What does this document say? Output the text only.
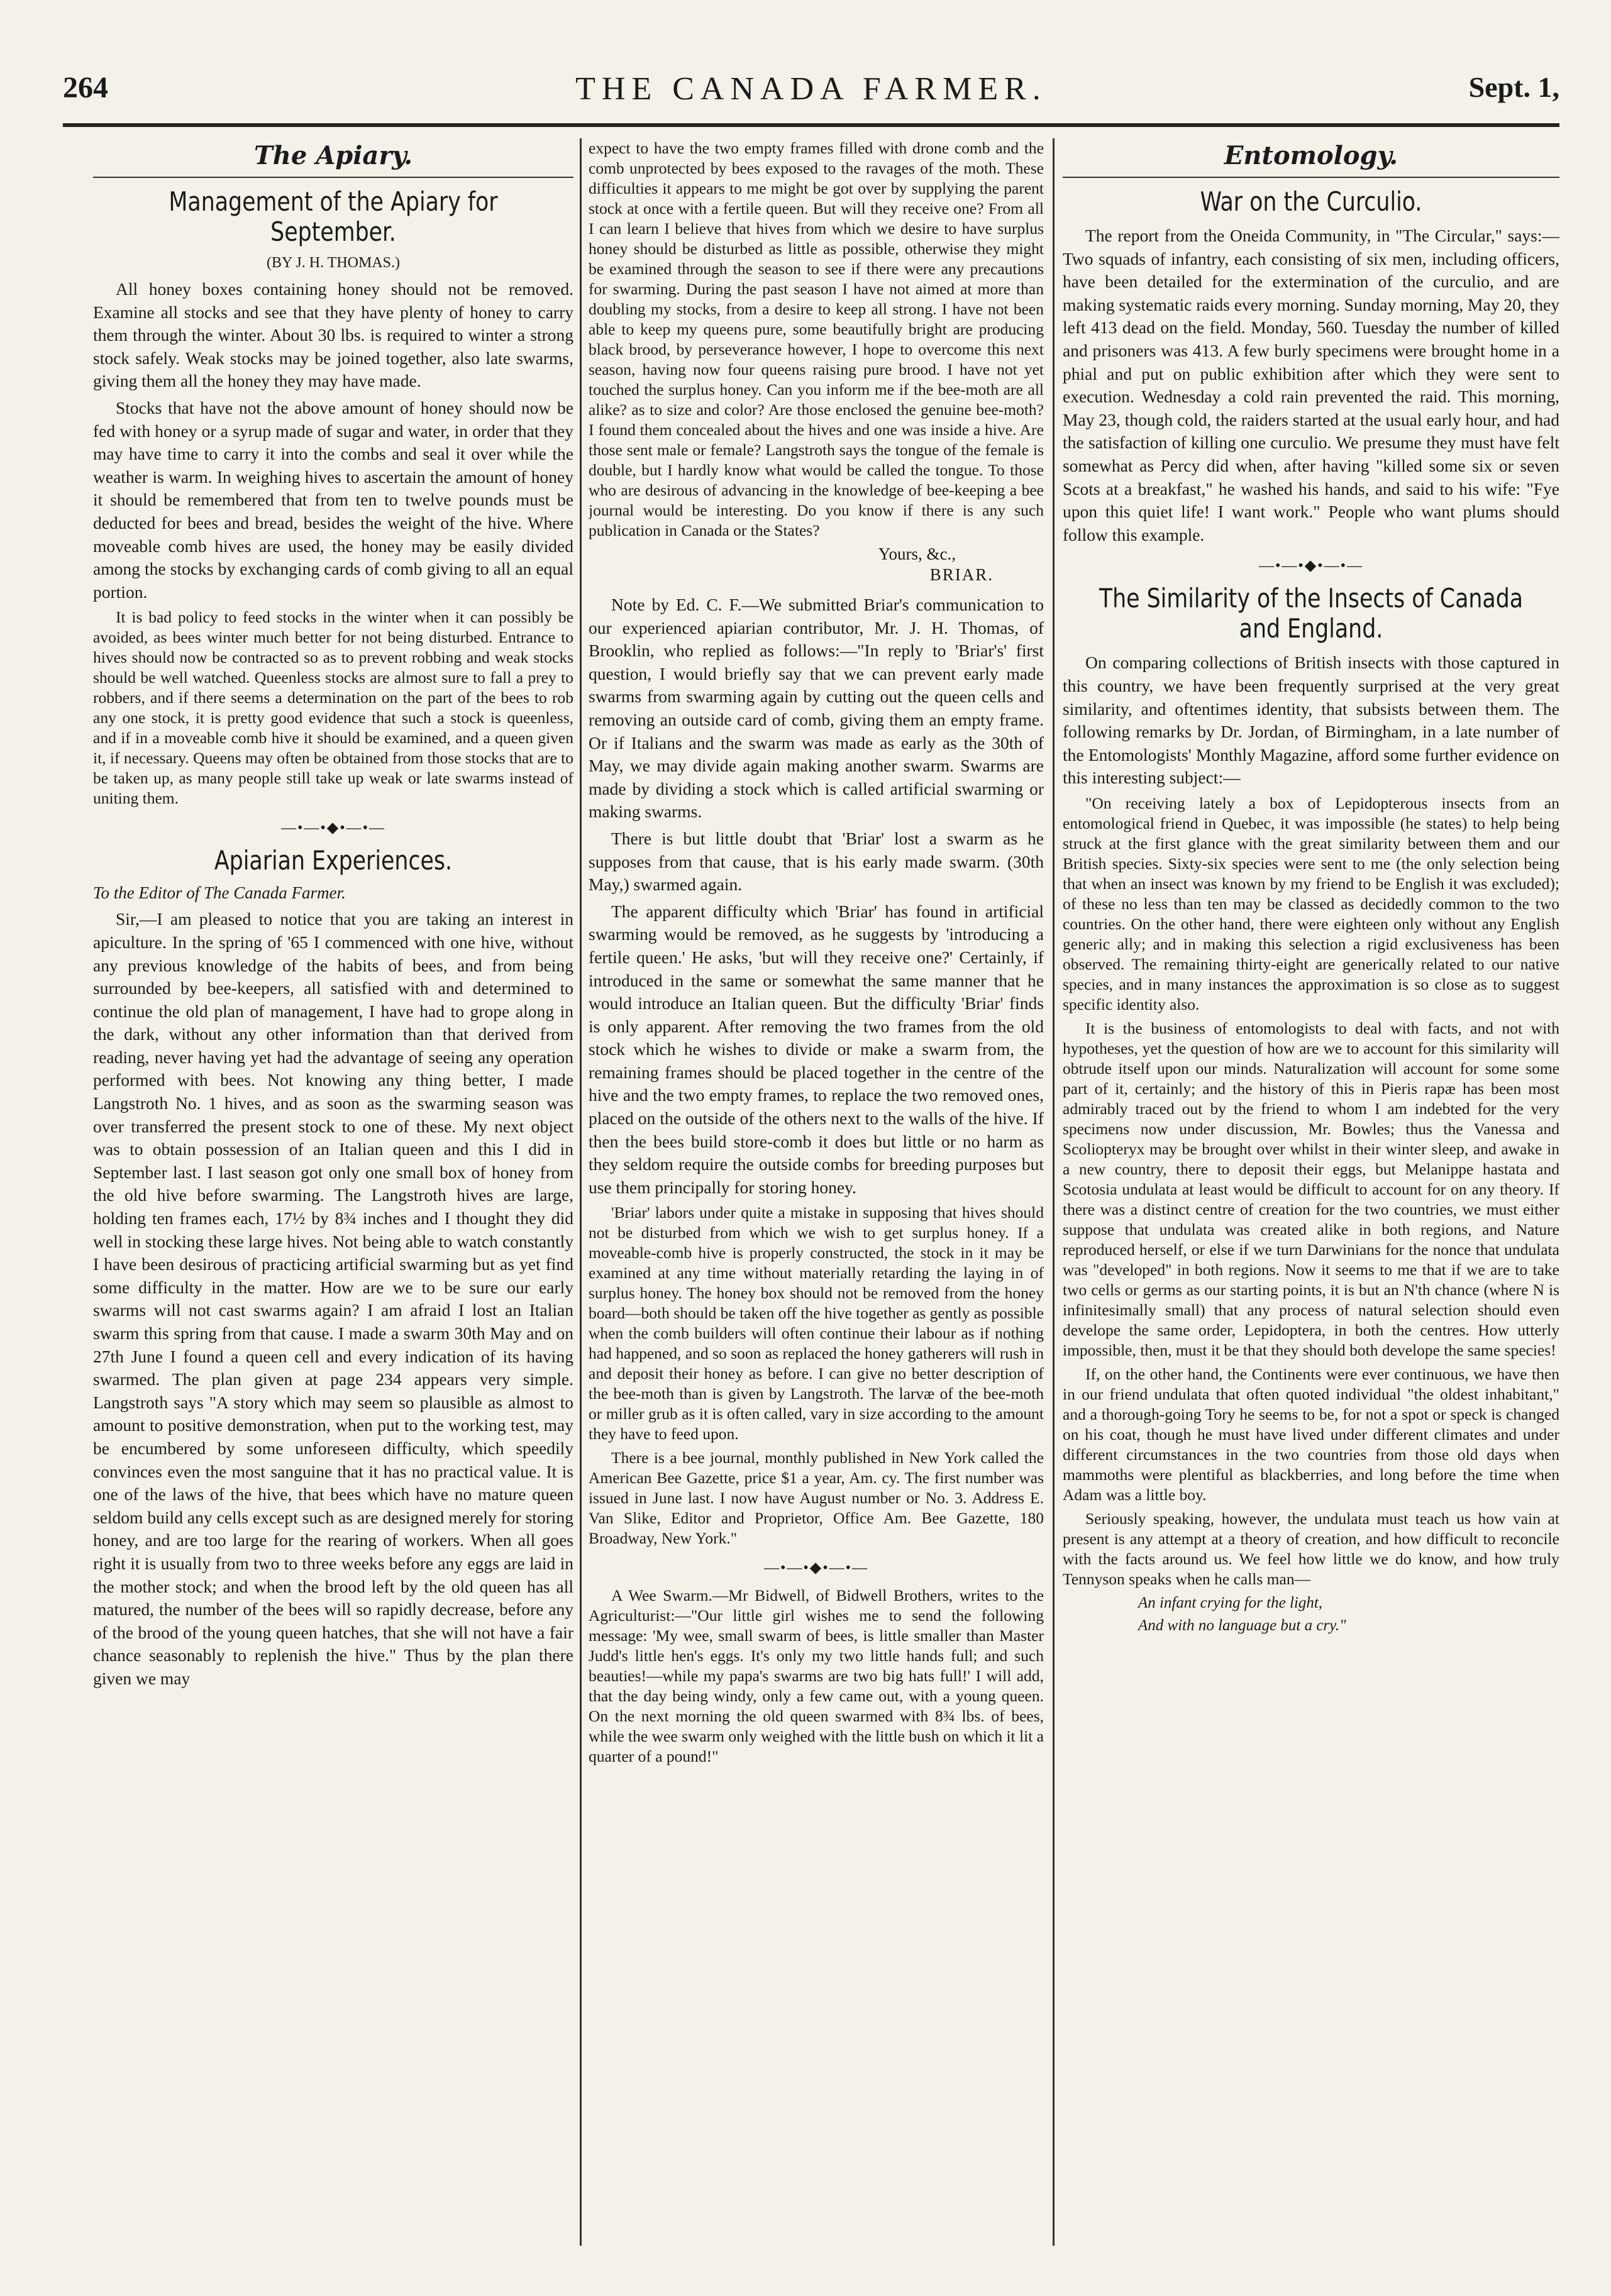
264	THE CANADA FARMER.	Sept. 1,
The Apiary.
Management of the Apiary for September.
(BY J. H. THOMAS.)

All honey boxes containing honey should not be removed. Examine all stocks and see that they have plenty of honey to carry them through the winter. About 30 lbs. is required to winter a strong stock safely. Weak stocks may be joined together, also late swarms, giving them all the honey they may have made.

Stocks that have not the above amount of honey should now be fed with honey or a syrup made of sugar and water, in order that they may have time to carry it into the combs and seal it over while the weather is warm. In weighing hives to ascertain the amount of honey it should be remembered that from ten to twelve pounds must be deducted for bees and bread, besides the weight of the hive. Where moveable comb hives are used, the honey may be easily divided among the stocks by exchanging cards of comb giving to all an equal portion.

It is bad policy to feed stocks in the winter when it can possibly be avoided, as bees winter much better for not being disturbed. Entrance to hives should now be contracted so as to prevent robbing and weak stocks should be well watched. Queenless stocks are almost sure to fall a prey to robbers, and if there seems a determination on the part of the bees to rob any one stock, it is pretty good evidence that such a stock is queenless, and if in a moveable comb hive it should be examined, and a queen given it, if necessary. Queens may often be obtained from those stocks that are to be taken up, as many people still take up weak or late swarms instead of uniting them.

—•—•◆•—•—
Apiarian Experiences.
To the Editor of The Canada Farmer.

Sir,—I am pleased to notice that you are taking an interest in apiculture. In the spring of '65 I commenced with one hive, without any previous knowledge of the habits of bees, and from being surrounded by bee-keepers, all satisfied with and determined to continue the old plan of management, I have had to grope along in the dark, without any other information than that derived from reading, never having yet had the advantage of seeing any operation performed with bees. Not knowing any thing better, I made Langstroth No. 1 hives, and as soon as the swarming season was over transferred the present stock to one of these. My next object was to obtain possession of an Italian queen and this I did in September last. I last season got only one small box of honey from the old hive before swarming. The Langstroth hives are large, holding ten frames each, 17½ by 8¾ inches and I thought they did well in stocking these large hives. Not being able to watch constantly I have been desirous of practicing artificial swarming but as yet find some difficulty in the matter. How are we to be sure our early swarms will not cast swarms again? I am afraid I lost an Italian swarm this spring from that cause. I made a swarm 30th May and on 27th June I found a queen cell and every indication of its having swarmed. The plan given at page 234 appears very simple. Langstroth says "A story which may seem so plausible as almost to amount to positive demonstration, when put to the working test, may be encumbered by some unforeseen difficulty, which speedily convinces even the most sanguine that it has no practical value. It is one of the laws of the hive, that bees which have no mature queen seldom build any cells except such as are designed merely for storing honey, and are too large for the rearing of workers. When all goes right it is usually from two to three weeks before any eggs are laid in the mother stock; and when the brood left by the old queen has all matured, the number of the bees will so rapidly decrease, before any of the brood of the young queen hatches, that she will not have a fair chance seasonably to replenish the hive." Thus by the plan there given we may

expect to have the two empty frames filled with drone comb and the comb unprotected by bees exposed to the ravages of the moth. These difficulties it appears to me might be got over by supplying the parent stock at once with a fertile queen. But will they receive one? From all I can learn I believe that hives from which we desire to have surplus honey should be disturbed as little as possible, otherwise they might be examined through the season to see if there were any precautions for swarming. During the past season I have not aimed at more than doubling my stocks, from a desire to keep all strong. I have not been able to keep my queens pure, some beautifully bright are producing black brood, by perseverance however, I hope to overcome this next season, having now four queens raising pure brood. I have not yet touched the surplus honey. Can you inform me if the bee-moth are all alike? as to size and color? Are those enclosed the genuine bee-moth? I found them concealed about the hives and one was inside a hive. Are those sent male or female? Langstroth says the tongue of the female is double, but I hardly know what would be called the tongue. To those who are desirous of advancing in the knowledge of bee-keeping a bee journal would be interesting. Do you know if there is any such publication in Canada or the States?

Yours, &c.,
BRIAR.

Note by Ed. C. F.—We submitted Briar's communication to our experienced apiarian contributor, Mr. J. H. Thomas, of Brooklin, who replied as follows:—"In reply to 'Briar's' first question, I would briefly say that we can prevent early made swarms from swarming again by cutting out the queen cells and removing an outside card of comb, giving them an empty frame. Or if Italians and the swarm was made as early as the 30th of May, we may divide again making another swarm. Swarms are made by dividing a stock which is called artificial swarming or making swarms.

There is but little doubt that 'Briar' lost a swarm as he supposes from that cause, that is his early made swarm. (30th May,) swarmed again.

The apparent difficulty which 'Briar' has found in artificial swarming would be removed, as he suggests by 'introducing a fertile queen.' He asks, 'but will they receive one?' Certainly, if introduced in the same or somewhat the same manner that he would introduce an Italian queen. But the difficulty 'Briar' finds is only apparent. After removing the two frames from the old stock which he wishes to divide or make a swarm from, the remaining frames should be placed together in the centre of the hive and the two empty frames, to replace the two removed ones, placed on the outside of the others next to the walls of the hive. If then the bees build store-comb it does but little or no harm as they seldom require the outside combs for breeding purposes but use them principally for storing honey.

'Briar' labors under quite a mistake in supposing that hives should not be disturbed from which we wish to get surplus honey. If a moveable-comb hive is properly constructed, the stock in it may be examined at any time without materially retarding the laying in of surplus honey. The honey box should not be removed from the honey board—both should be taken off the hive together as gently as possible when the comb builders will often continue their labour as if nothing had happened, and so soon as replaced the honey gatherers will rush in and deposit their honey as before. I can give no better description of the bee-moth than is given by Langstroth. The larvæ of the bee-moth or miller grub as it is often called, vary in size according to the amount they have to feed upon.

There is a bee journal, monthly published in New York called the American Bee Gazette, price $1 a year, Am. cy. The first number was issued in June last. I now have August number or No. 3. Address E. Van Slike, Editor and Proprietor, Office Am. Bee Gazette, 180 Broadway, New York."

—•—•◆•—•—

A Wee Swarm.—Mr Bidwell, of Bidwell Brothers, writes to the Agriculturist:—"Our little girl wishes me to send the following message: 'My wee, small swarm of bees, is little smaller than Master Judd's little hen's eggs. It's only my two little hands full; and such beauties!—while my papa's swarms are two big hats full!' I will add, that the day being windy, only a few came out, with a young queen. On the next morning the old queen swarmed with 8¾ lbs. of bees, while the wee swarm only weighed with the little bush on which it lit a quarter of a pound!"

Entomology.
War on the Curculio.

The report from the Oneida Community, in "The Circular," says:—Two squads of infantry, each consisting of six men, including officers, have been detailed for the extermination of the curculio, and are making systematic raids every morning. Sunday morning, May 20, they left 413 dead on the field. Monday, 560. Tuesday the number of killed and prisoners was 413. A few burly specimens were brought home in a phial and put on public exhibition after which they were sent to execution. Wednesday a cold rain prevented the raid. This morning, May 23, though cold, the raiders started at the usual early hour, and had the satisfaction of killing one curculio. We presume they must have felt somewhat as Percy did when, after having "killed some six or seven Scots at a breakfast," he washed his hands, and said to his wife: "Fye upon this quiet life! I want work." People who want plums should follow this example.

—•—•◆•—•—
The Similarity of the Insects of Canada and England.

On comparing collections of British insects with those captured in this country, we have been frequently surprised at the very great similarity, and oftentimes identity, that subsists between them. The following remarks by Dr. Jordan, of Birmingham, in a late number of the Entomologists' Monthly Magazine, afford some further evidence on this interesting subject:—

"On receiving lately a box of Lepidopterous insects from an entomological friend in Quebec, it was impossible (he states) to help being struck at the first glance with the great similarity between them and our British species. Sixty-six species were sent to me (the only selection being that when an insect was known by my friend to be English it was excluded); of these no less than ten may be classed as decidedly common to the two countries. On the other hand, there were eighteen only without any English generic ally; and in making this selection a rigid exclusiveness has been observed. The remaining thirty-eight are generically related to our native species, and in many instances the approximation is so close as to suggest specific identity also.

It is the business of entomologists to deal with facts, and not with hypotheses, yet the question of how are we to account for this similarity will obtrude itself upon our minds. Naturalization will account for some some part of it, certainly; and the history of this in Pieris rapæ has been most admirably traced out by the friend to whom I am indebted for the very specimens now under discussion, Mr. Bowles; thus the Vanessa and Scoliopteryx may be brought over whilst in their winter sleep, and awake in a new country, there to deposit their eggs, but Melanippe hastata and Scotosia undulata at least would be difficult to account for on any theory. If there was a distinct centre of creation for the two countries, we must either suppose that undulata was created alike in both regions, and Nature reproduced herself, or else if we turn Darwinians for the nonce that undulata was "developed" in both regions. Now it seems to me that if we are to take two cells or germs as our starting points, it is but an N'th chance (where N is infinitesimally small) that any process of natural selection should even develope the same order, Lepidoptera, in both the centres. How utterly impossible, then, must it be that they should both develope the same species!

If, on the other hand, the Continents were ever continuous, we have then in our friend undulata that often quoted individual "the oldest inhabitant," and a thorough-going Tory he seems to be, for not a spot or speck is changed on his coat, though he must have lived under different climates and under different circumstances in the two countries from those old days when mammoths were plentiful as blackberries, and long before the time when Adam was a little boy.

Seriously speaking, however, the undulata must teach us how vain at present is any attempt at a theory of creation, and how difficult to reconcile with the facts around us. We feel how little we do know, and how truly Tennyson speaks when he calls man—

An infant crying for the light,
And with no language but a cry."
